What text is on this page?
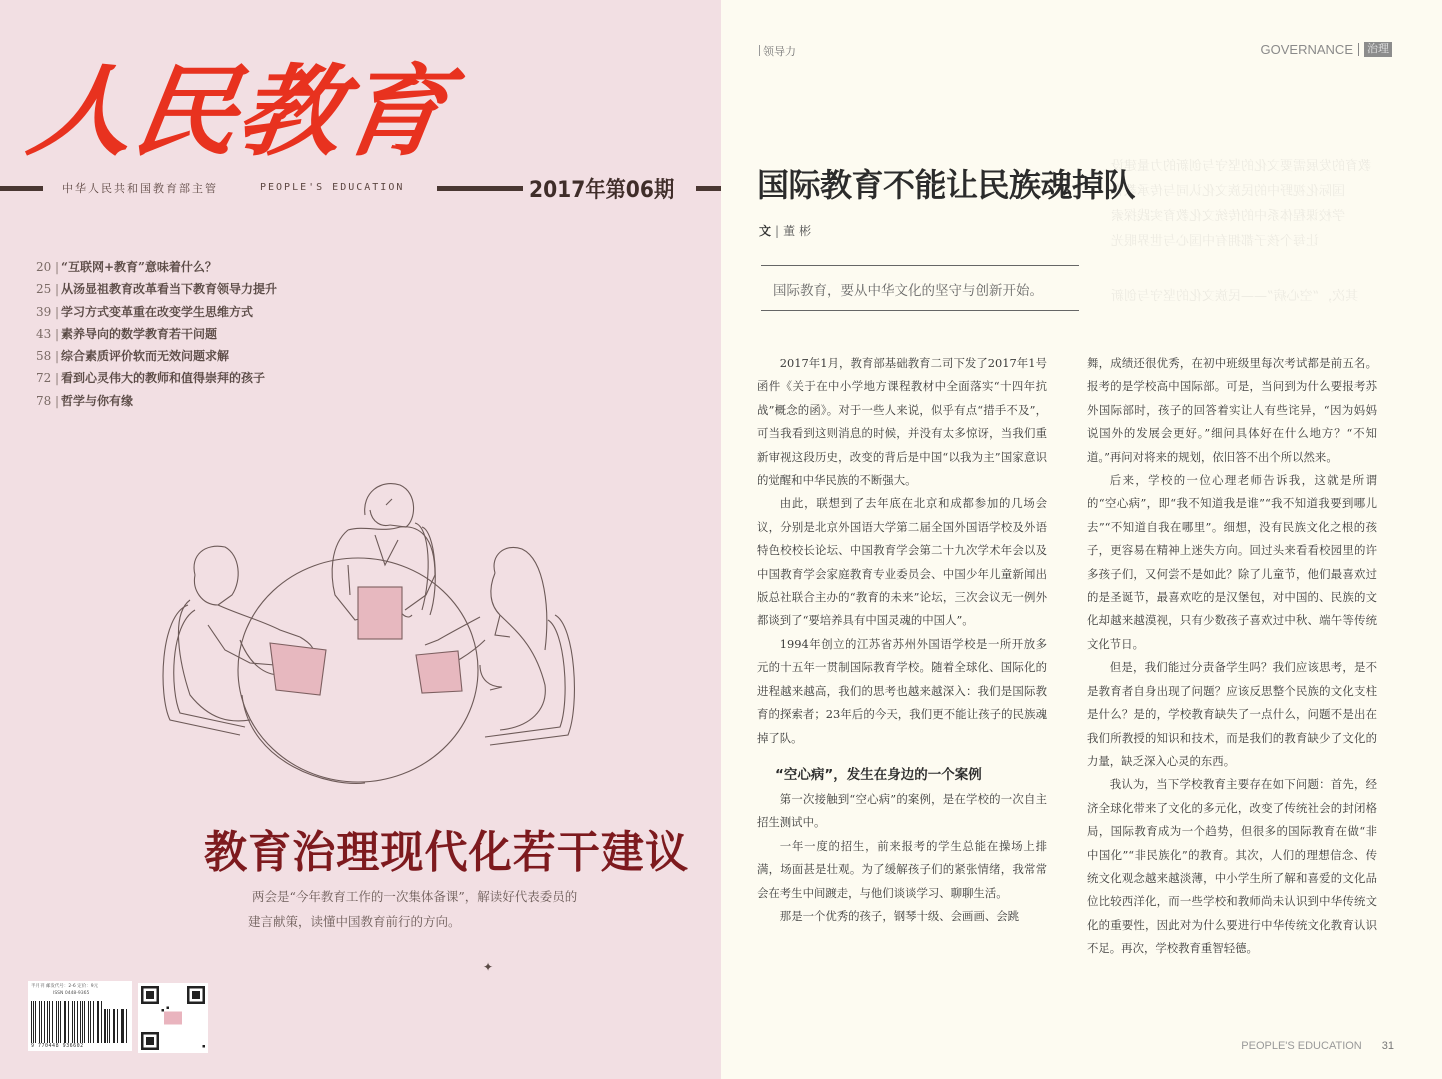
人民教育
中华人民共和国教育部主管	PEOPLE'S EDUCATION	2017年第06期
20 | “互联网+教育”意味着什么？
25 | 从汤显祖教育改革看当下教育领导力提升
39 | 学习方式变革重在改变学生思维方式
43 | 素养导向的数学教育若干问题
58 | 综合素质评价软而无效问题求解
72 | 看到心灵伟大的教师和值得崇拜的孩子
78 | 哲学与你有缘
教育治理现代化若干建议
两会是“今年教育工作的一次集体备课”，解读好代表委员的
建言献策，读懂中国教育前行的方向。
✦
半月刊 邮发代号：2-6 定价：9元
ISSN 0448-9365
9 770448 936602
教育的发展需要文化的坚守与创新的力量建设
国际化视野中的民族文化认同与传承教育
学校课程体系中的传统文化教育实践探索
让每个孩子都拥有中国心与世界眼光
其次，“空心病”——民族文化的坚守与创新
领导力	GOVERNANCE 治理
国际教育不能让民族魂掉队
文 | 董彬
国际教育，要从中华文化的坚守与创新开始。

2017年1月，教育部基础教育二司下发了2017年1号函件《关于在中小学地方课程教材中全面落实“十四年抗战”概念的函》。对于一些人来说，似乎有点“措手不及”，可当我看到这则消息的时候，并没有太多惊讶，当我们重新审视这段历史，改变的背后是中国“以我为主”国家意识的觉醒和中华民族的不断强大。

由此，联想到了去年底在北京和成都参加的几场会议，分别是北京外国语大学第二届全国外国语学校及外语特色校校长论坛、中国教育学会第二十九次学术年会以及中国教育学会家庭教育专业委员会、中国少年儿童新闻出版总社联合主办的“教育的未来”论坛，三次会议无一例外都谈到了“要培养具有中国灵魂的中国人”。

1994年创立的江苏省苏州外国语学校是一所开放多元的十五年一贯制国际教育学校。随着全球化、国际化的进程越来越高，我们的思考也越来越深入：我们是国际教育的探索者；23年后的今天，我们更不能让孩子的民族魂掉了队。

“空心病”，发生在身边的一个案例

第一次接触到“空心病”的案例，是在学校的一次自主招生测试中。

一年一度的招生，前来报考的学生总能在操场上排满，场面甚是壮观。为了缓解孩子们的紧张情绪，我常常会在考生中间踱走，与他们谈谈学习、聊聊生活。

那是一个优秀的孩子，钢琴十级、会画画、会跳

舞，成绩还很优秀，在初中班级里每次考试都是前五名。报考的是学校高中国际部。可是，当问到为什么要报考苏外国际部时，孩子的回答着实让人有些诧异，“因为妈妈说国外的发展会更好。”细问具体好在什么地方？“不知道。”再问对将来的规划，依旧答不出个所以然来。

后来，学校的一位心理老师告诉我，这就是所谓的“空心病”，即“我不知道我是谁”“我不知道我要到哪儿去”“不知道自我在哪里”。细想，没有民族文化之根的孩子，更容易在精神上迷失方向。回过头来看看校园里的许多孩子们，又何尝不是如此？除了儿童节，他们最喜欢过的是圣诞节，最喜欢吃的是汉堡包，对中国的、民族的文化却越来越漠视，只有少数孩子喜欢过中秋、端午等传统文化节日。

但是，我们能过分责备学生吗？我们应该思考，是不是教育者自身出现了问题？应该反思整个民族的文化支柱是什么？是的，学校教育缺失了一点什么，问题不是出在我们所教授的知识和技术，而是我们的教育缺少了文化的力量，缺乏深入心灵的东西。

我认为，当下学校教育主要存在如下问题：首先，经济全球化带来了文化的多元化，改变了传统社会的封闭格局，国际教育成为一个趋势，但很多的国际教育在做“非中国化”“非民族化”的教育。其次，人们的理想信念、传统文化观念越来越淡薄，中小学生所了解和喜爱的文化品位比较西洋化，而一些学校和教师尚未认识到中华传统文化的重要性，因此对为什么要进行中华传统文化教育认识不足。再次，学校教育重智轻德。

PEOPLE'S EDUCATION 31
